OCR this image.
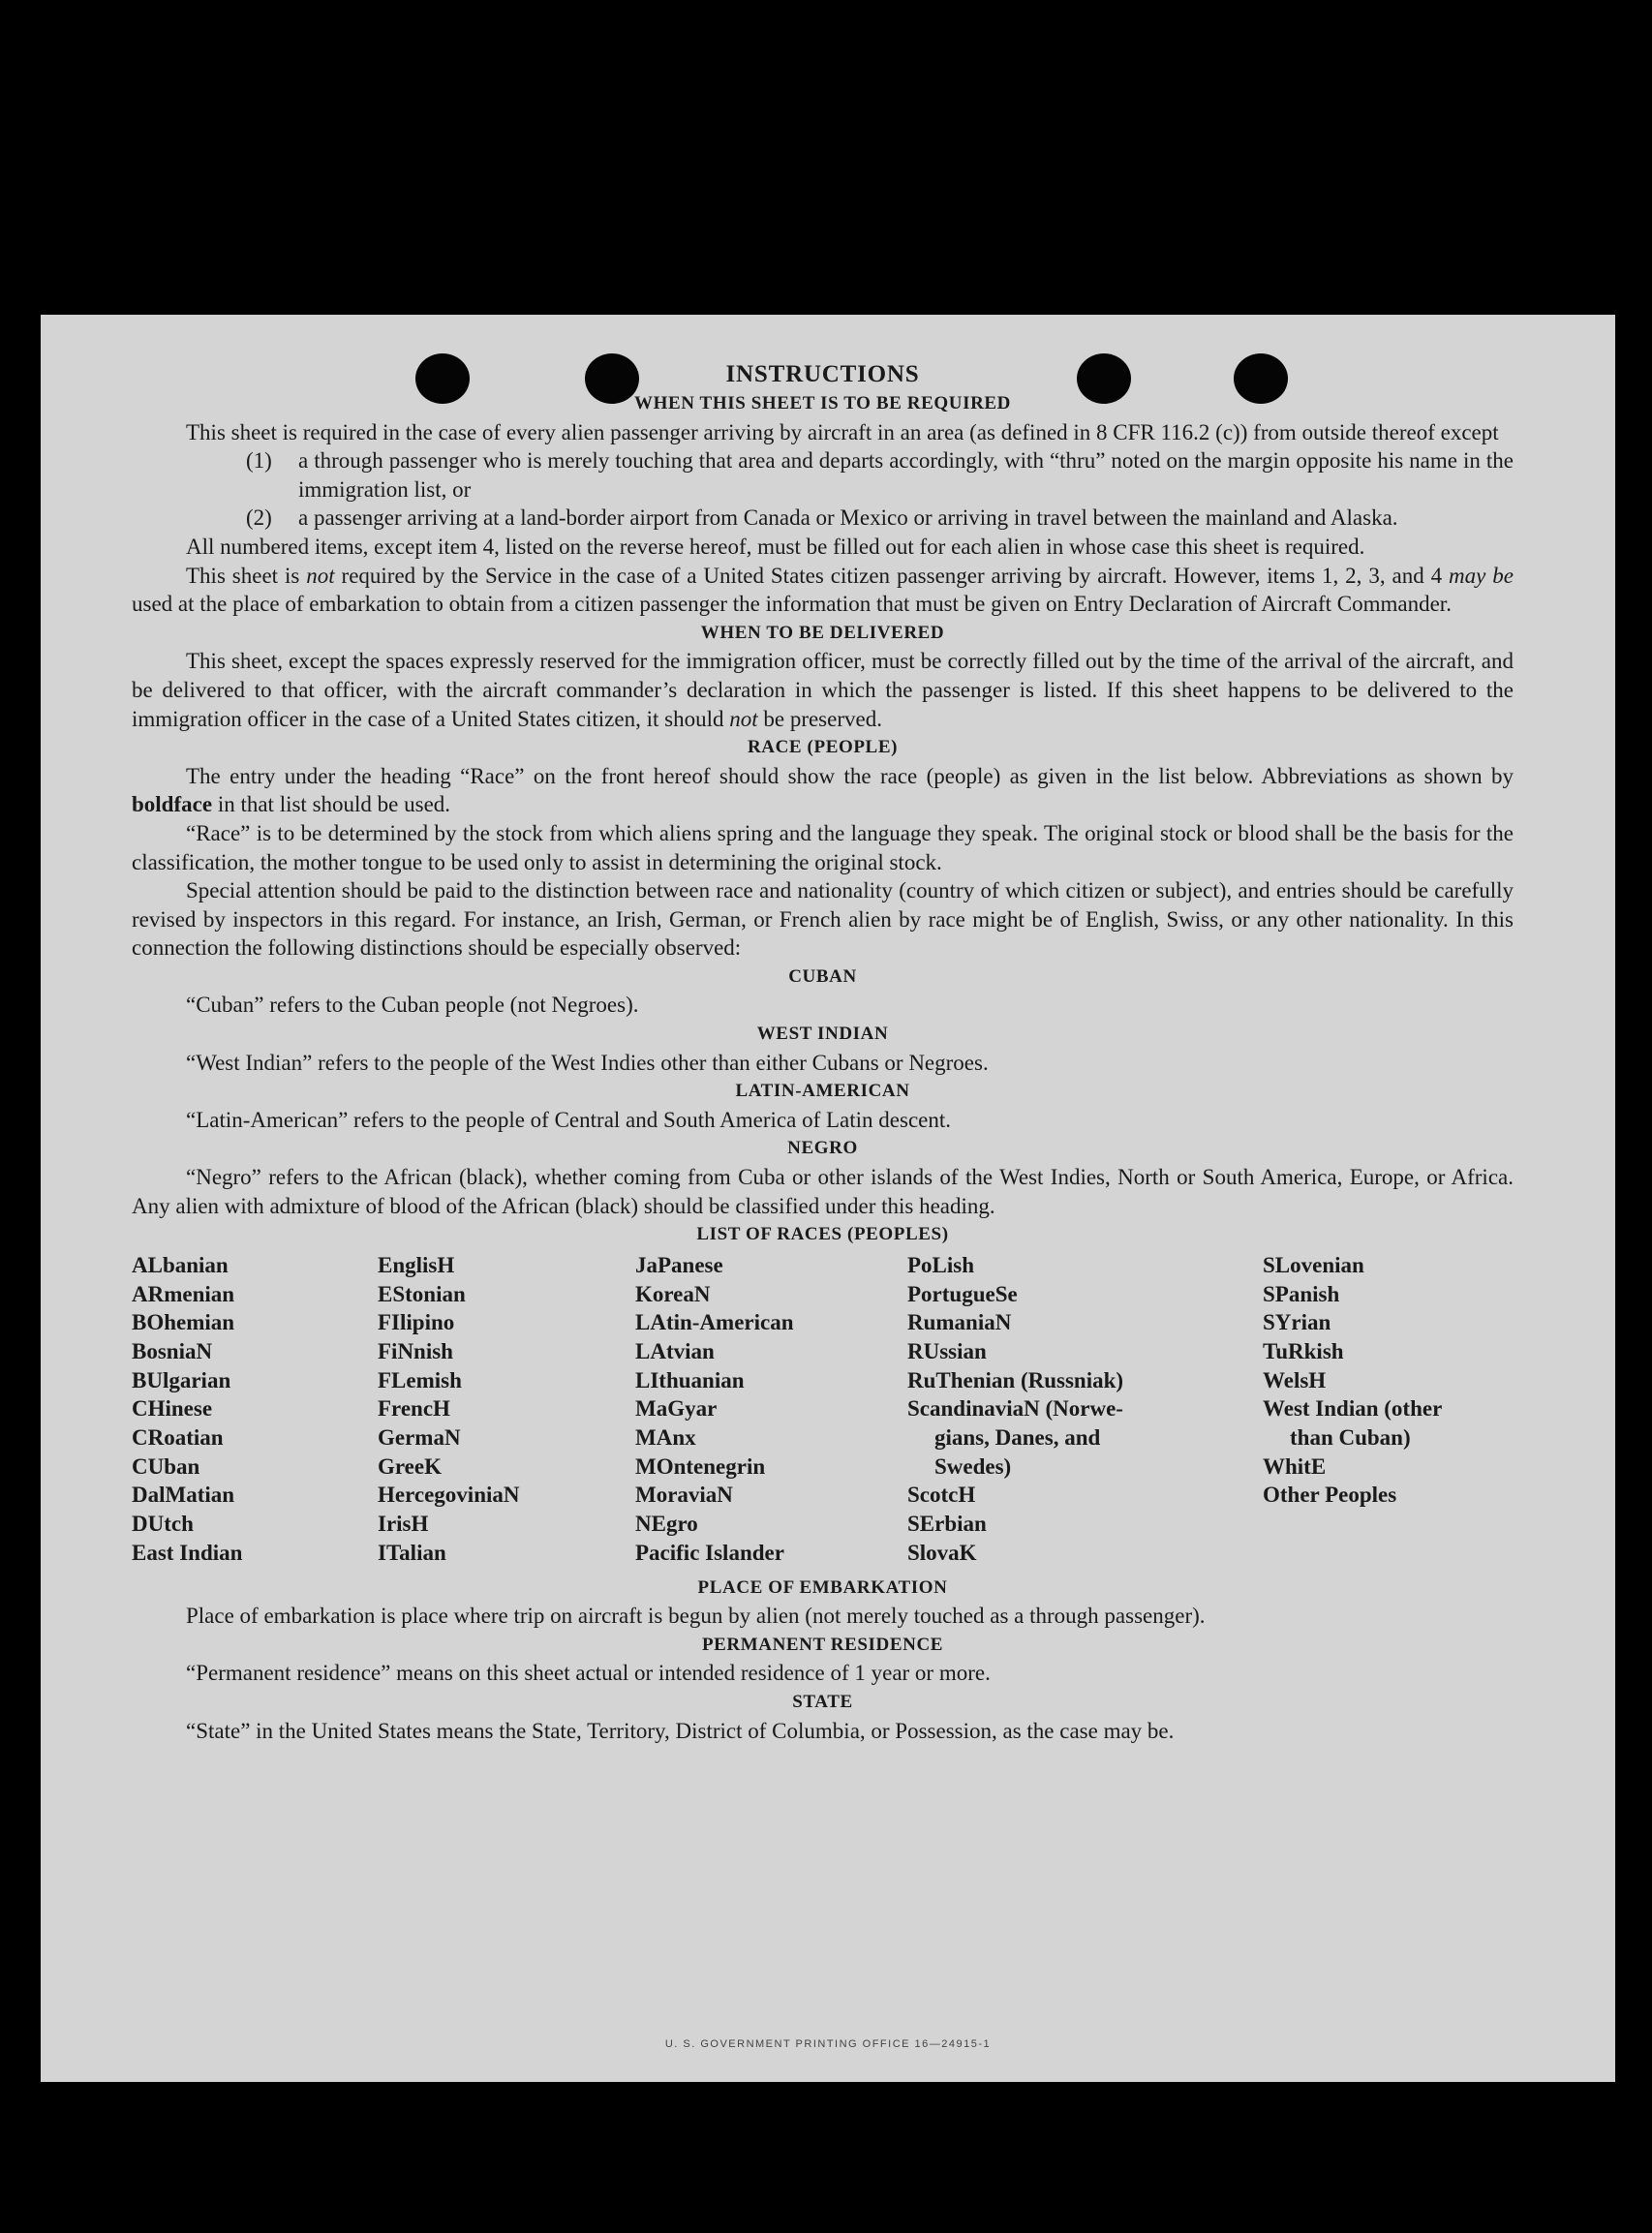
INSTRUCTIONS
WHEN THIS SHEET IS TO BE REQUIRED
This sheet is required in the case of every alien passenger arriving by aircraft in an area (as defined in 8 CFR 116.2 (c)) from outside thereof except
(1)	a through passenger who is merely touching that area and departs accordingly, with “thru” noted on the margin opposite his name in the immigration list, or
(2)	a passenger arriving at a land-border airport from Canada or Mexico or arriving in travel between the mainland and Alaska.
All numbered items, except item 4, listed on the reverse hereof, must be filled out for each alien in whose case this sheet is required.
This sheet is not required by the Service in the case of a United States citizen passenger arriving by aircraft. However, items 1, 2, 3, and 4 may be used at the place of embarkation to obtain from a citizen passenger the information that must be given on Entry Declaration of Aircraft Commander.
WHEN TO BE DELIVERED
This sheet, except the spaces expressly reserved for the immigration officer, must be correctly filled out by the time of the arrival of the aircraft, and be delivered to that officer, with the aircraft commander’s declaration in which the passenger is listed. If this sheet happens to be delivered to the immigration officer in the case of a United States citizen, it should not be preserved.
RACE (PEOPLE)
The entry under the heading “Race” on the front hereof should show the race (people) as given in the list below. Abbreviations as shown by boldface in that list should be used.
“Race” is to be determined by the stock from which aliens spring and the language they speak. The original stock or blood shall be the basis for the classification, the mother tongue to be used only to assist in determining the original stock.
Special attention should be paid to the distinction between race and nationality (country of which citizen or subject), and entries should be carefully revised by inspectors in this regard. For instance, an Irish, German, or French alien by race might be of English, Swiss, or any other nationality. In this connection the following distinctions should be especially observed:
CUBAN
“Cuban” refers to the Cuban people (not Negroes).
WEST INDIAN
“West Indian” refers to the people of the West Indies other than either Cubans or Negroes.
LATIN-AMERICAN
“Latin-American” refers to the people of Central and South America of Latin descent.
NEGRO
“Negro” refers to the African (black), whether coming from Cuba or other islands of the West Indies, North or South America, Europe, or Africa. Any alien with admixture of blood of the African (black) should be classified under this heading.
LIST OF RACES (PEOPLES)
ALbanian
ARmenian
BOhemian
BosniaN
BUlgarian
CHinese
CRoatian
CUban
DalMatian
DUtch
East Indian
EnglisH
EStonian
FIlipino
FiNnish
FLemish
FrencH
GermaN
GreeK
HercegoviniaN
IrisH
ITalian
JaPanese
KoreaN
LAtin-American
LAtvian
LIthuanian
MaGyar
MAnx
MOntenegrin
MoraviaN
NEgro
Pacific Islander
PoLish
PortugueSe
RumaniaN
RUssian
RuThenian (Russniak)
ScandinaviaN (Norwe-
gians, Danes, and
Swedes)
ScotcH
SErbian
SlovaK
SLovenian
SPanish
SYrian
TuRkish
WelsH
West Indian (other
than Cuban)
WhitE
Other Peoples
PLACE OF EMBARKATION
Place of embarkation is place where trip on aircraft is begun by alien (not merely touched as a through passenger).
PERMANENT RESIDENCE
“Permanent residence” means on this sheet actual or intended residence of 1 year or more.
STATE
“State” in the United States means the State, Territory, District of Columbia, or Possession, as the case may be.
U. S. GOVERNMENT PRINTING OFFICE 16—24915-1
